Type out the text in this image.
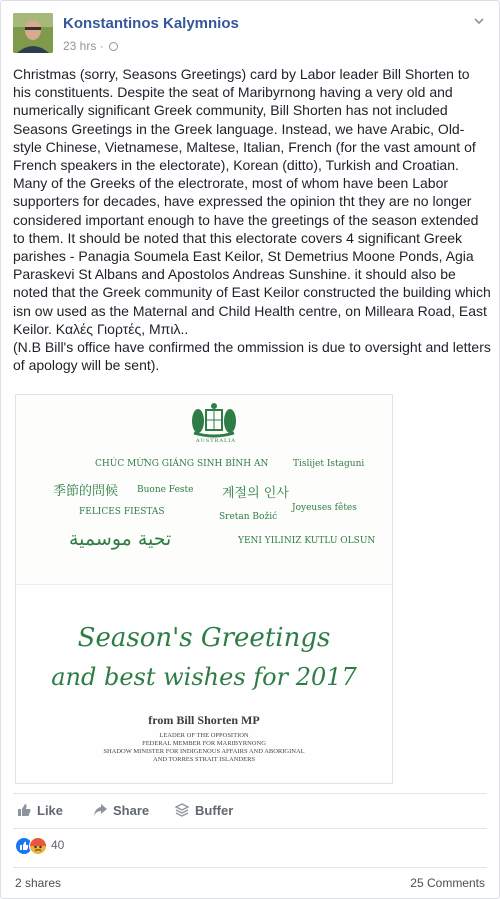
Konstantinos Kalymnios
23 hrs ·

Christmas (sorry, Seasons Greetings) card by Labor leader Bill Shorten to his constituents. Despite the seat of Maribyrnong having a very old and numerically significant Greek community, Bill Shorten has not included Seasons Greetings in the Greek language. Instead, we have Arabic, Old-style Chinese, Vietnamese, Maltese, Italian, French (for the vast amount of French speakers in the electorate), Korean (ditto), Turkish and Croatian. Many of the Greeks of the electrorate, most of whom have been Labor supporters for decades, have expressed the opinion tht they are no longer considered important enough to have the greetings of the season extended to them. It should be noted that this electorate covers 4 significant Greek parishes - Panagia Soumela East Keilor, St Demetrius Moone Ponds, Agia Paraskevi St Albans and Apostolos Andreas Sunshine. it should also be noted that the Greek community of East Keilor constructed the building which isn ow used as the Maternal and Child Health centre, on Milleara Road, East Keilor. Καλές Γιορτές, Μπιλ..

(N.B Bill's office have confirmed the ommission is due to oversight and letters of apology will be sent).

AUSTRALIA
CHÚC MỪNG GIÁNG SINH BÌNH AN	Tislijet Istaguni
季節的問候 Buone Feste 계절의 인사
Joyeuses fêtes
FELICES FIESTAS	Sretan Božić
تحية موسمية	YENI YILINIZ KUTLU OLSUN
Season's Greetings
and best wishes for 2017
from Bill Shorten MP
LEADER OF THE OPPOSITION
FEDERAL MEMBER FOR MARIBYRNONG
SHADOW MINISTER FOR INDIGENOUS AFFAIRS AND ABORIGINAL
AND TORRES STRAIT ISLANDERS
Like	Share	Buffer
40
2 shares	25 Comments
